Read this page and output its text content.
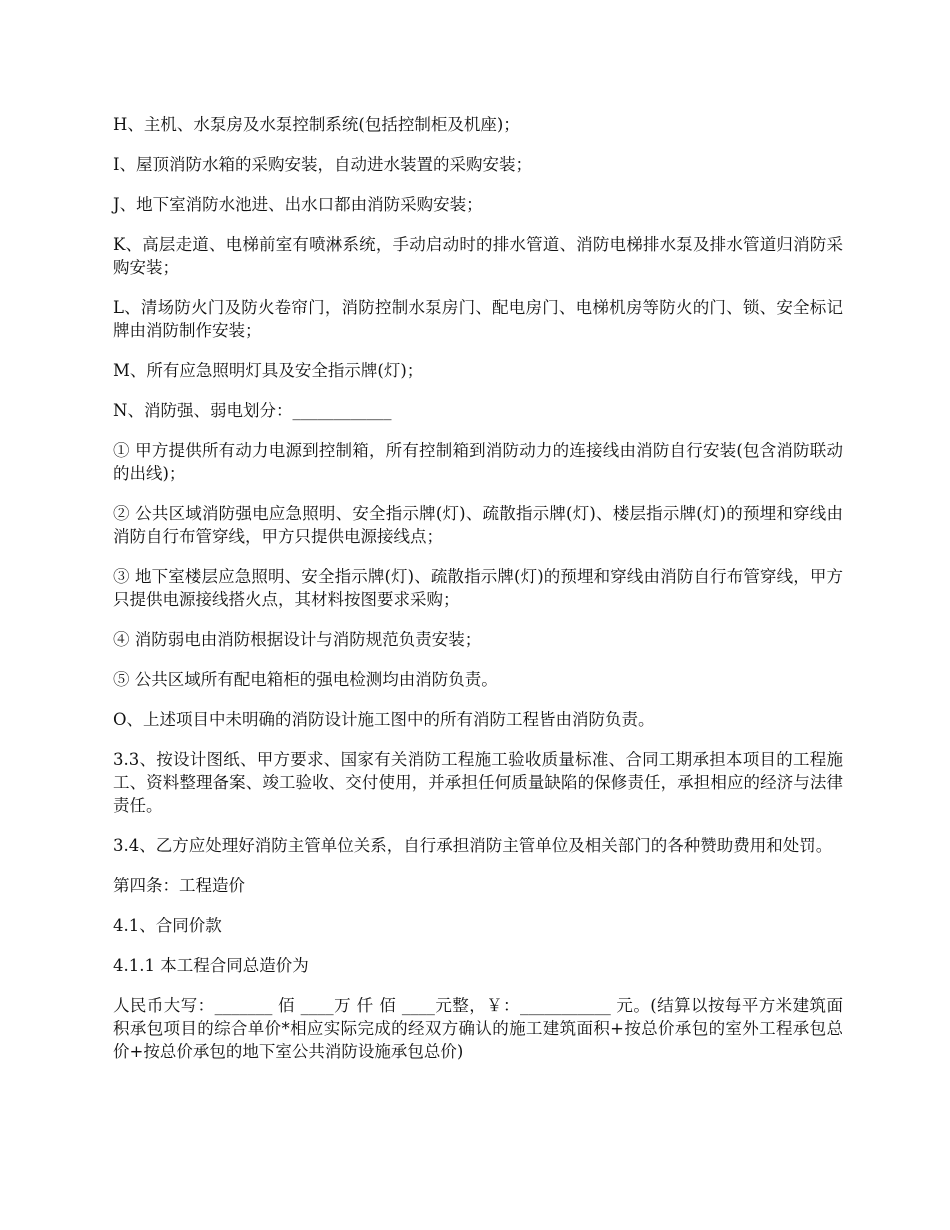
H、主机、水泵房及水泵控制系统(包括控制柜及机座)；

I、屋顶消防水箱的采购安装，自动进水装置的采购安装；

J、地下室消防水池进、出水口都由消防采购安装；

K、高层走道、电梯前室有喷淋系统，手动启动时的排水管道、消防电梯排水泵及排水管道归消防采购安装；

L、清场防火门及防火卷帘门，消防控制水泵房门、配电房门、电梯机房等防火的门、锁、安全标记牌由消防制作安装；

M、所有应急照明灯具及安全指示牌(灯)；

N、消防强、弱电划分：____________

① 甲方提供所有动力电源到控制箱，所有控制箱到消防动力的连接线由消防自行安装(包含消防联动的出线)；

② 公共区域消防强电应急照明、安全指示牌(灯)、疏散指示牌(灯)、楼层指示牌(灯)的预埋和穿线由消防自行布管穿线，甲方只提供电源接线点；

③ 地下室楼层应急照明、安全指示牌(灯)、疏散指示牌(灯)的预埋和穿线由消防自行布管穿线，甲方只提供电源接线搭火点，其材料按图要求采购；

④ 消防弱电由消防根据设计与消防规范负责安装；

⑤ 公共区域所有配电箱柜的强电检测均由消防负责。

O、上述项目中未明确的消防设计施工图中的所有消防工程皆由消防负责。

3.3、按设计图纸、甲方要求、国家有关消防工程施工验收质量标准、合同工期承担本项目的工程施工、资料整理备案、竣工验收、交付使用，并承担任何质量缺陷的保修责任，承担相应的经济与法律责任。

3.4、乙方应处理好消防主管单位关系，自行承担消防主管单位及相关部门的各种赞助费用和处罚。

第四条：工程造价

4.1、合同价款

4.1.1 本工程合同总造价为

人民币大写：_______ 佰 ____万 仟 佰 ____元整，￥：___________ 元。(结算以按每平方米建筑面积承包项目的综合单价*相应实际完成的经双方确认的施工建筑面积+按总价承包的室外工程承包总价+按总价承包的地下室公共消防设施承包总价)
